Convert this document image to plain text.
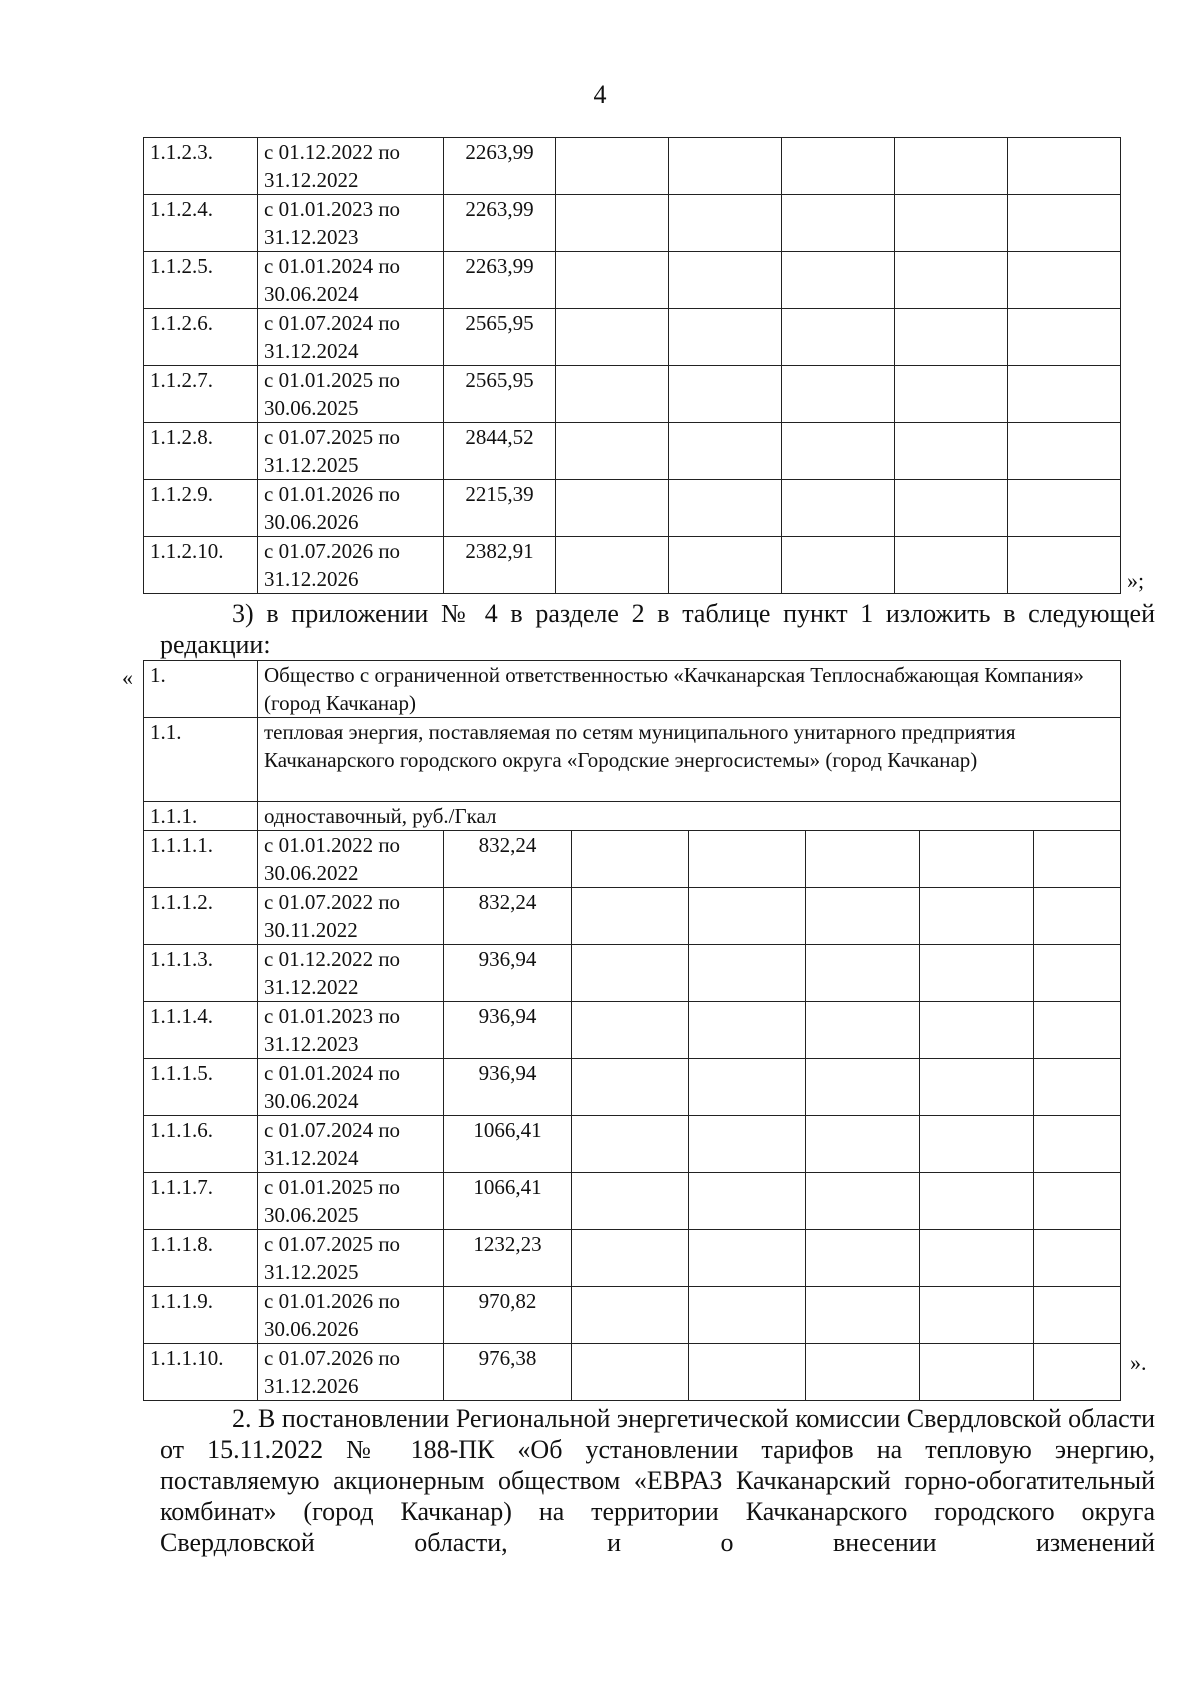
4
1.1.2.3.	с 01.12.2022 по 31.12.2022	2263,99					
1.1.2.4.	с 01.01.2023 по 31.12.2023	2263,99					
1.1.2.5.	с 01.01.2024 по 30.06.2024	2263,99					
1.1.2.6.	с 01.07.2024 по 31.12.2024	2565,95					
1.1.2.7.	с 01.01.2025 по 30.06.2025	2565,95					
1.1.2.8.	с 01.07.2025 по 31.12.2025	2844,52					
1.1.2.9.	с 01.01.2026 по 30.06.2026	2215,39					
1.1.2.10.	с 01.07.2026 по 31.12.2026	2382,91					
»;
3) в приложении № 4 в разделе 2 в таблице пункт 1 изложить в следующей редакции:
« 1.	Общество с ограниченной ответственностью «Качканарская Теплоснабжающая Компания» (город Качканар)						
1.1.	тепловая энергия, поставляемая по сетям муниципального унитарного предприятия Качканарского городского округа «Городские энергосистемы» (город Качканар)						
1.1.1.	одноставочный, руб./Гкал						
1.1.1.1.	с 01.01.2022 по 30.06.2022	832,24					
1.1.1.2.	с 01.07.2022 по 30.11.2022	832,24					
1.1.1.3.	с 01.12.2022 по 31.12.2022	936,94					
1.1.1.4.	с 01.01.2023 по 31.12.2023	936,94					
1.1.1.5.	с 01.01.2024 по 30.06.2024	936,94					
1.1.1.6.	с 01.07.2024 по 31.12.2024	1066,41					
1.1.1.7.	с 01.01.2025 по 30.06.2025	1066,41					
1.1.1.8.	с 01.07.2025 по 31.12.2025	1232,23					
1.1.1.9.	с 01.01.2026 по 30.06.2026	970,82					
1.1.1.10.	с 01.07.2026 по 31.12.2026	976,38						».
2. В постановлении Региональной энергетической комиссии Свердловской области от 15.11.2022 № 188-ПК «Об установлении тарифов на тепловую энергию, поставляемую акционерным обществом «ЕВРАЗ Качканарский горно-обогатительный комбинат» (город Качканар) на территории Качканарского городского округа Свердловской области, и о внесении изменений
